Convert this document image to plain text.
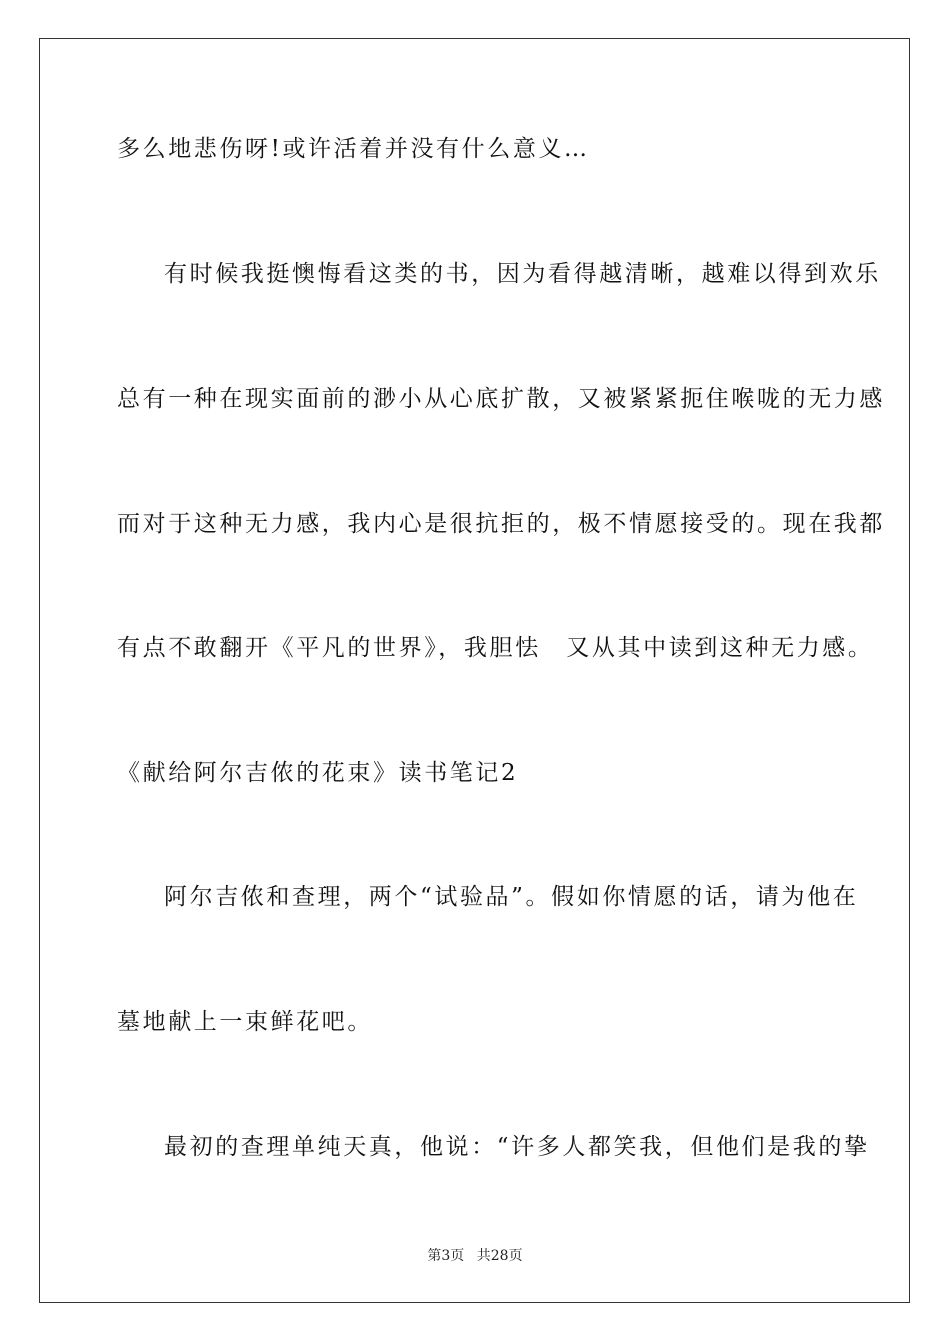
多么地悲伤呀!或许活着并没有什么意义…
有时候我挺懊悔看这类的书，因为看得越清晰，越难以得到欢乐
总有一种在现实面前的渺小从心底扩散，又被紧紧扼住喉咙的无力感
而对于这种无力感，我内心是很抗拒的，极不情愿接受的。现在我都
有点不敢翻开《平凡的世界》，我胆怯　又从其中读到这种无力感。
《献给阿尔吉侬的花束》读书笔记2
阿尔吉侬和查理，两个“试验品”。假如你情愿的话，请为他在
墓地献上一束鲜花吧。
最初的查理单纯天真，他说：“许多人都笑我，但他们是我的挚
第3页 共28页
